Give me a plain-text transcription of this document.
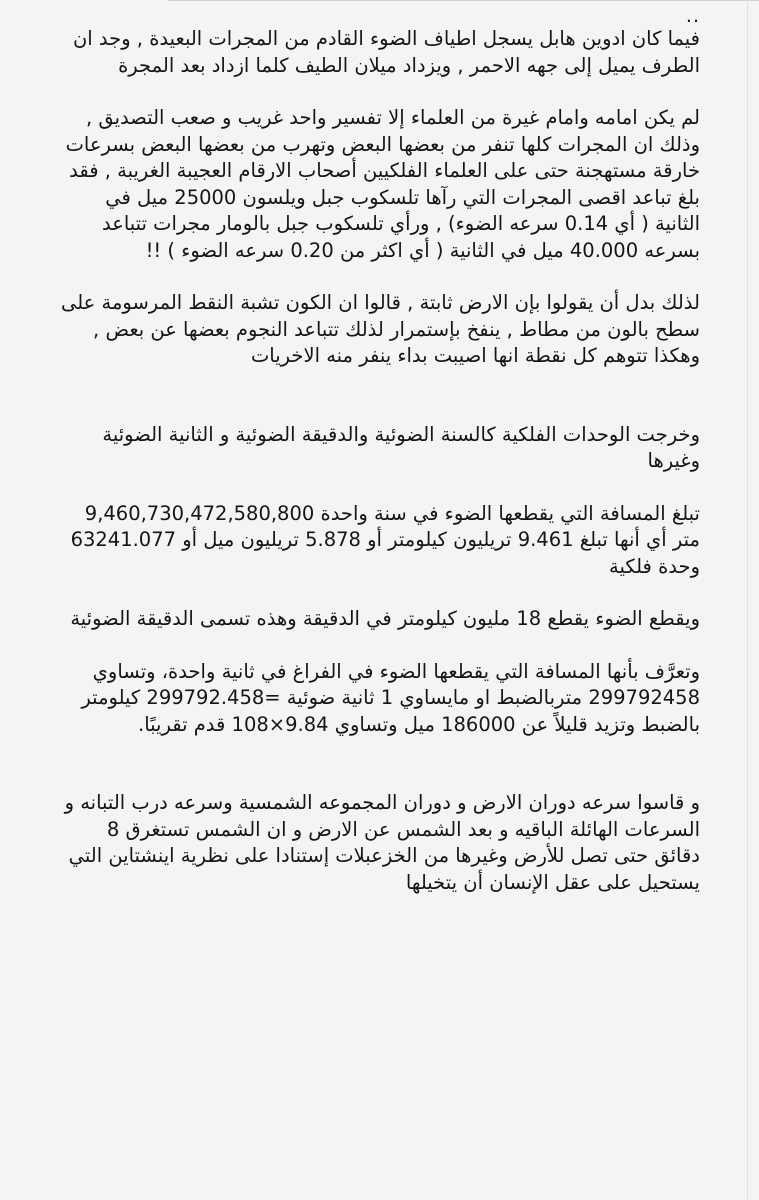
..

فيما كان ادوين هابل يسجل اطياف الضوء القادم من المجرات البعيدة , وجد ان الطرف يميل إلى جهه الاحمر , ويزداد ميلان الطيف كلما ازداد بعد المجرة

لم يكن امامه وامام غيرة من العلماء إلا تفسير واحد غريب و صعب التصديق , وذلك ان المجرات كلها تنفر من بعضها البعض وتهرب من بعضها البعض بسرعات خارقة مستهجنة حتى على العلماء الفلكيين أصحاب الارقام العجيبة الغريبة , فقد بلغ تباعد اقصى المجرات التي رآها تلسكوب جبل ويلسون 25000 ميل في الثانية ( أي 0.14 سرعه الضوء) , ورأي تلسكوب جبل بالومار مجرات تتباعد بسرعه 40.000 ميل في الثانية ( أي اكثر من 0.20 سرعه الضوء ) !!

لذلك بدل أن يقولوا بإن الارض ثابتة , قالوا ان الكون تشبة النقط المرسومة على سطح بالون من مطاط , ينفخ بإستمرار لذلك تتباعد النجوم بعضها عن بعض , وهكذا تتوهم كل نقطة انها اصيبت بداء ينفر منه الاخريات

وخرجت الوحدات الفلكية كالسنة الضوئية والدقيقة الضوئية و الثانية الضوئية وغيرها

تبلغ المسافة التي يقطعها الضوء في سنة واحدة 9,460,730,472,580,800 متر أي أنها تبلغ 9.461 تريليون كيلومتر أو 5.878 تريليون ميل أو 63241.077 وحدة فلكية

ويقطع الضوء يقطع 18 مليون كيلومتر في الدقيقة وهذه تسمى الدقيقة الضوئية

وتعرَّف بأنها المسافة التي يقطعها الضوء في الفراغ في ثانية واحدة، وتساوي 299792458 متربالضبط او مايساوي 1 ثانية ضوئية =299792.458 كيلومتر بالضبط وتزيد قليلاً عن 186000 ميل وتساوي 9.84×108 قدم تقريبًا.

و قاسوا سرعه دوران الارض و دوران المجموعه الشمسية وسرعه درب التبانه و السرعات الهائلة الباقيه و بعد الشمس عن الارض و ان الشمس تستغرق 8 دقائق حتى تصل للأرض وغيرها من الخزعبلات إستنادا على نظرية اينشتاين التي يستحيل على عقل الإنسان أن يتخيلها
